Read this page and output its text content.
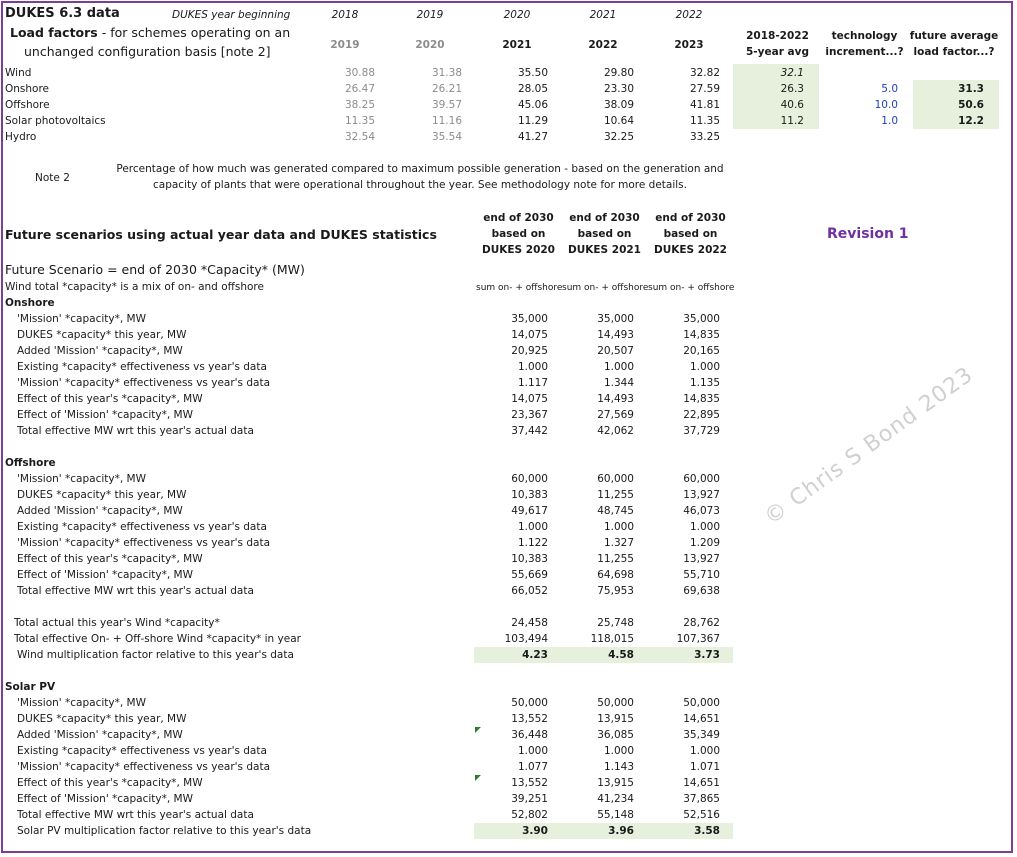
DUKES 6.3 data	DUKES year beginning	2018	2019	2020	2021	2022
Load factors - for schemes operating on an
unchanged configuration basis [note 2]	2019	2020	2021	2022	2023
2018-2022
5-year avg
technology
increment...?
future average
load factor...?
Wind	30.88	31.38	35.50	29.80	32.82	32.1
Onshore	26.47	26.21	28.05	23.30	27.59	26.3	5.0	31.3
Offshore	38.25	39.57	45.06	38.09	41.81	40.6	10.0	50.6
Solar photovoltaics	11.35	11.16	11.29	10.64	11.35	11.2	1.0	12.2
Hydro	32.54	35.54	41.27	32.25	33.25
Note 2
Percentage of how much was generated compared to maximum possible generation - based on the generation and
capacity of plants that were operational throughout the year. See methodology note for more details.
Future scenarios using actual year data and DUKES statistics	Revision 1
end of 2030
based on
DUKES 2020
end of 2030
based on
DUKES 2021
end of 2030
based on
DUKES 2022
Future Scenario = end of 2030 *Capacity* (MW)
Wind total *capacity* is a mix of on- and offshore	sum on- + offshore sum on- + offshore sum on- + offshore
Onshore
Offshore
Solar PV
'Mission' *capacity*, MW	35,000	35,000	35,000
DUKES *capacity* this year, MW	14,075	14,493	14,835
Added 'Mission' *capacity*, MW	20,925	20,507	20,165
Existing *capacity* effectiveness vs year's data	1.000	1.000	1.000
'Mission' *capacity* effectiveness vs year's data	1.117	1.344	1.135
Effect of this year's *capacity*, MW	14,075	14,493	14,835
Effect of 'Mission' *capacity*, MW	23,367	27,569	22,895
Total effective MW wrt this year's actual data	37,442	42,062	37,729
'Mission' *capacity*, MW	60,000	60,000	60,000
DUKES *capacity* this year, MW	10,383	11,255	13,927
Added 'Mission' *capacity*, MW	49,617	48,745	46,073
Existing *capacity* effectiveness vs year's data	1.000	1.000	1.000
'Mission' *capacity* effectiveness vs year's data	1.122	1.327	1.209
Effect of this year's *capacity*, MW	10,383	11,255	13,927
Effect of 'Mission' *capacity*, MW	55,669	64,698	55,710
Total effective MW wrt this year's actual data	66,052	75,953	69,638
Total actual this year's Wind *capacity*	24,458	25,748	28,762
Total effective On- + Off-shore Wind *capacity* in year	103,494	118,015	107,367
Wind multiplication factor relative to this year's data	4.23	4.58	3.73
'Mission' *capacity*, MW	50,000	50,000	50,000
DUKES *capacity* this year, MW	13,552	13,915	14,651
Added 'Mission' *capacity*, MW	36,448	36,085	35,349
Existing *capacity* effectiveness vs year's data	1.000	1.000	1.000
'Mission' *capacity* effectiveness vs year's data	1.077	1.143	1.071
Effect of this year's *capacity*, MW	13,552	13,915	14,651
Effect of 'Mission' *capacity*, MW	39,251	41,234	37,865
Total effective MW wrt this year's actual data	52,802	55,148	52,516
Solar PV multiplication factor relative to this year's data	3.90	3.96	3.58
© Chris S Bond 2023
